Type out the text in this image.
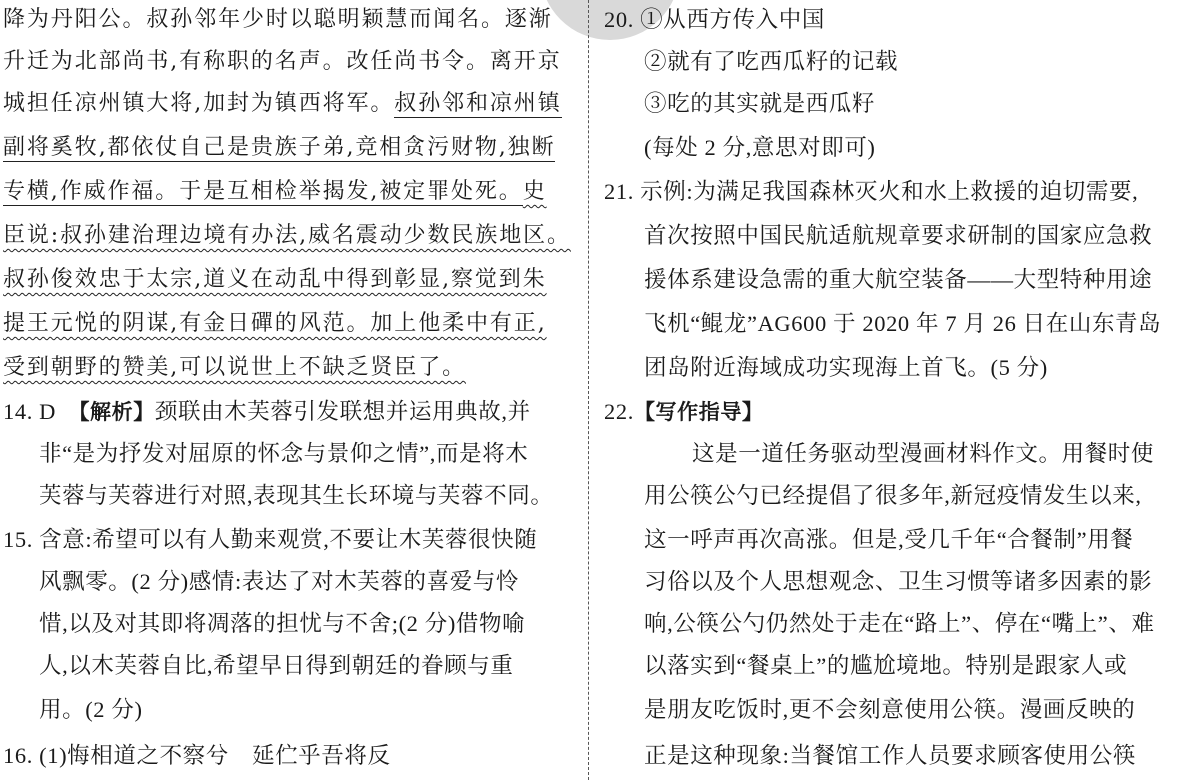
降为丹阳公。叔孙邻年少时以聪明颖慧而闻名。逐渐
升迁为北部尚书,有称职的名声。改任尚书令。离开京
城担任凉州镇大将,加封为镇西将军。叔孙邻和凉州镇
副将奚牧,都依仗自己是贵族子弟,竞相贪污财物,独断
专横,作威作福。于是互相检举揭发,被定罪处死。史
臣说:叔孙建治理边境有办法,威名震动少数民族地区。
叔孙俊效忠于太宗,道义在动乱中得到彰显,察觉到朱
提王元悦的阴谋,有金日磾的风范。加上他柔中有正,
受到朝野的赞美,可以说世上不缺乏贤臣了。
14. D 【解析】颈联由木芙蓉引发联想并运用典故,并
非“是为抒发对屈原的怀念与景仰之情”,而是将木
芙蓉与芙蓉进行对照,表现其生长环境与芙蓉不同。
15. 含意:希望可以有人勤来观赏,不要让木芙蓉很快随
风飘零。(2 分)感情:表达了对木芙蓉的喜爱与怜
惜,以及对其即将凋落的担忧与不舍;(2 分)借物喻
人,以木芙蓉自比,希望早日得到朝廷的眷顾与重
用。(2 分)
16. (1)悔相道之不察兮　延伫乎吾将反
20. ①从西方传入中国
②就有了吃西瓜籽的记载
③吃的其实就是西瓜籽
(每处 2 分,意思对即可)
21. 示例:为满足我国森林灭火和水上救援的迫切需要,
首次按照中国民航适航规章要求研制的国家应急救
援体系建设急需的重大航空装备——大型特种用途
飞机“鲲龙”AG600 于 2020 年 7 月 26 日在山东青岛
团岛附近海域成功实现海上首飞。(5 分)
22.【写作指导】
这是一道任务驱动型漫画材料作文。用餐时使
用公筷公勺已经提倡了很多年,新冠疫情发生以来,
这一呼声再次高涨。但是,受几千年“合餐制”用餐
习俗以及个人思想观念、卫生习惯等诸多因素的影
响,公筷公勺仍然处于走在“路上”、停在“嘴上”、难
以落实到“餐桌上”的尴尬境地。特别是跟家人或
是朋友吃饭时,更不会刻意使用公筷。漫画反映的
正是这种现象:当餐馆工作人员要求顾客使用公筷
